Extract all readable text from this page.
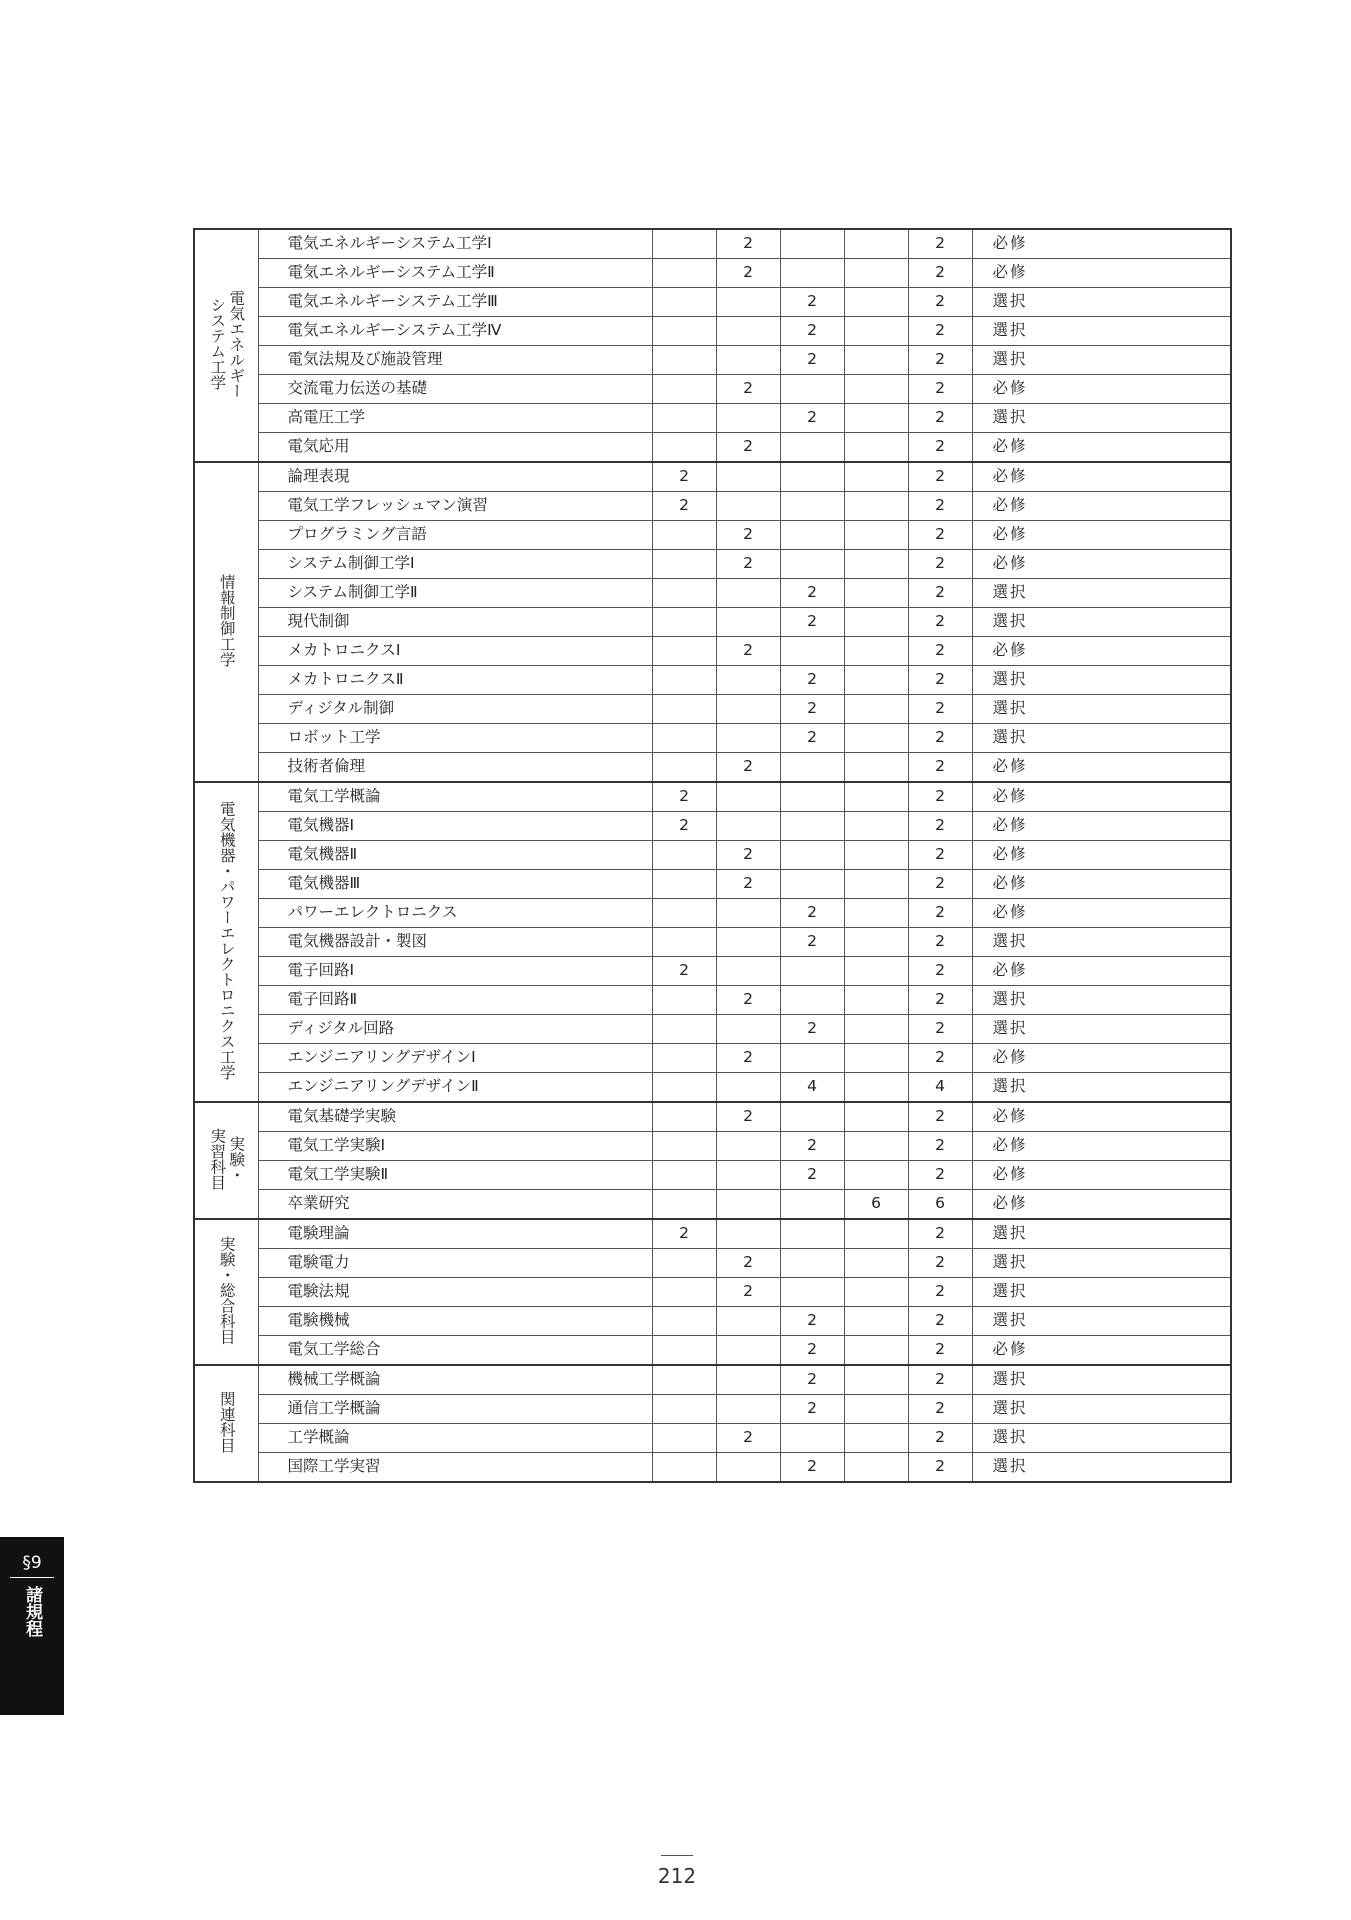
電気エネルギー
システム工学	電気エネルギーシステム工学Ⅰ		2			2	必修
	電気エネルギーシステム工学Ⅱ		2			2	必修
	電気エネルギーシステム工学Ⅲ			2		2	選択
	電気エネルギーシステム工学Ⅳ			2		2	選択
	電気法規及び施設管理			2		2	選択
	交流電力伝送の基礎		2			2	必修
	高電圧工学			2		2	選択
	電気応用		2			2	必修

情報制御工学	論理表現	2				2	必修
	電気工学フレッシュマン演習	2				2	必修
	プログラミング言語		2			2	必修
	システム制御工学Ⅰ		2			2	必修
	システム制御工学Ⅱ			2		2	選択
	現代制御			2		2	選択
	メカトロニクスⅠ		2			2	必修
	メカトロニクスⅡ			2		2	選択
	ディジタル制御			2		2	選択
	ロボット工学			2		2	選択
	技術者倫理		2			2	必修

電気機器・パワーエレクトロニクス工学	電気工学概論	2				2	必修
	電気機器Ⅰ	2				2	必修
	電気機器Ⅱ		2			2	必修
	電気機器Ⅲ		2			2	必修
	パワーエレクトロニクス			2		2	必修
	電気機器設計・製図			2		2	選択
	電子回路Ⅰ	2				2	必修
	電子回路Ⅱ		2			2	選択
	ディジタル回路			2		2	選択
	エンジニアリングデザインⅠ		2			2	必修
	エンジニアリングデザインⅡ			4		4	選択

実験・
実習科目	電気基礎学実験		2			2	必修
	電気工学実験Ⅰ			2		2	必修
	電気工学実験Ⅱ			2		2	必修
	卒業研究				6	6	必修

実験・総合科目	電験理論	2				2	選択
	電験電力		2			2	選択
	電験法規		2			2	選択
	電験機械			2		2	選択
	電気工学総合			2		2	必修

関連科目	機械工学概論			2		2	選択
	通信工学概論			2		2	選択
	工学概論		2			2	選択
	国際工学実習			2		2	選択
§9
諸規程
212
